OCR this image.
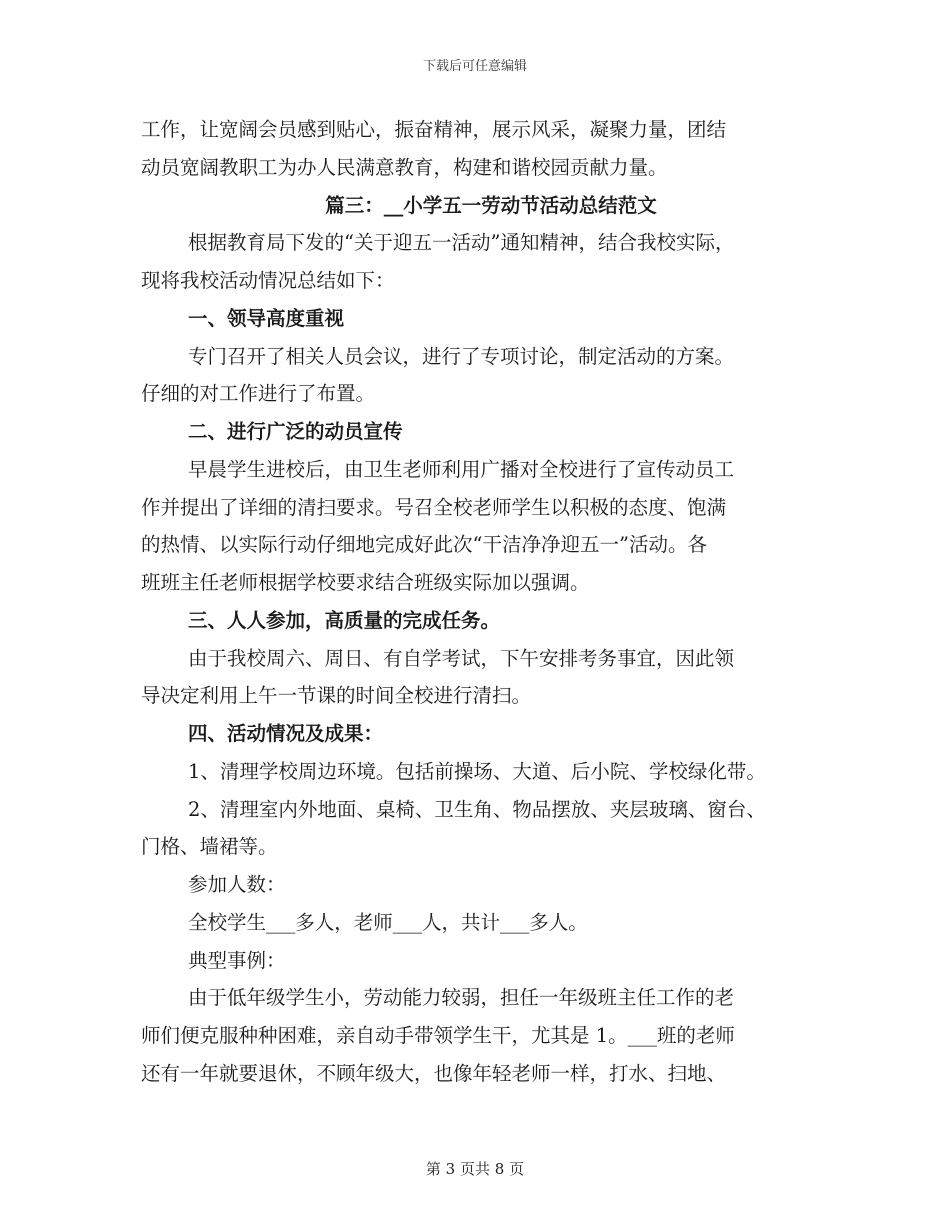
下载后可任意编辑
工作，让宽阔会员感到贴心，振奋精神，展示风采，凝聚力量，团结
动员宽阔教职工为办人民满意教育，构建和谐校园贡献力量。
篇三：__小学五一劳动节活动总结范文
根据教育局下发的“关于迎五一活动”通知精神，结合我校实际，
现将我校活动情况总结如下：
一、领导高度重视
专门召开了相关人员会议，进行了专项讨论，制定活动的方案。
仔细的对工作进行了布置。
二、进行广泛的动员宣传
早晨学生进校后，由卫生老师利用广播对全校进行了宣传动员工
作并提出了详细的清扫要求。号召全校老师学生以积极的态度、饱满
的热情、以实际行动仔细地完成好此次“干洁净净迎五一”活动。各
班班主任老师根据学校要求结合班级实际加以强调。
三、人人参加，高质量的完成任务。
由于我校周六、周日、有自学考试，下午安排考务事宜，因此领
导决定利用上午一节课的时间全校进行清扫。
四、活动情况及成果：
1、清理学校周边环境。包括前操场、大道、后小院、学校绿化带。
2、清理室内外地面、桌椅、卫生角、物品摆放、夹层玻璃、窗台、
门格、墙裙等。
参加人数：
全校学生___多人，老师___人，共计___多人。
典型事例：
由于低年级学生小，劳动能力较弱，担任一年级班主任工作的老
师们便克服种种困难，亲自动手带领学生干，尤其是 1。___班的老师
还有一年就要退休，不顾年级大，也像年轻老师一样，打水、扫地、
第 3 页共 8 页
